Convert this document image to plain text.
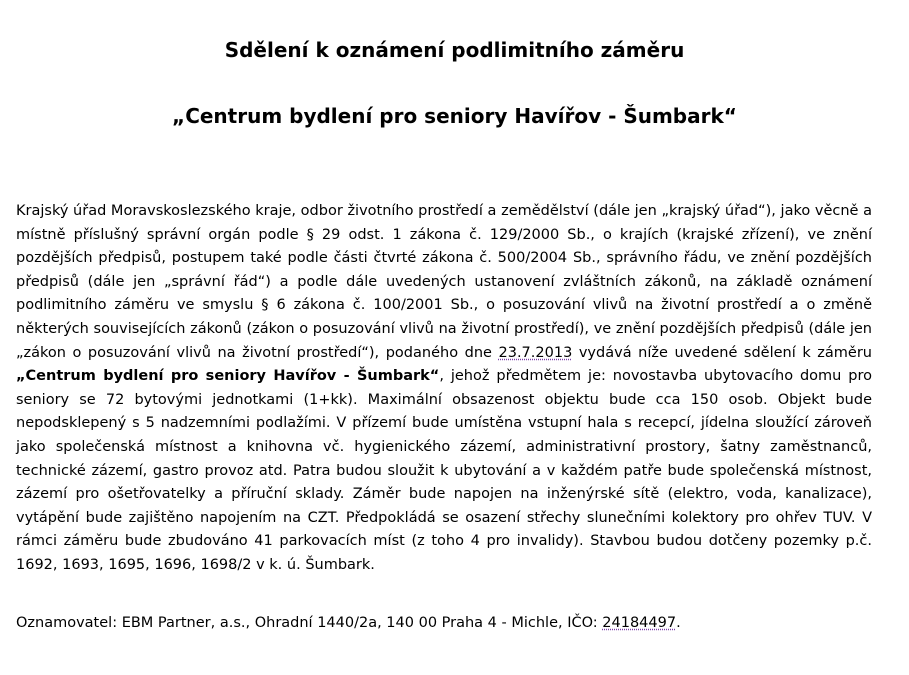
Sdělení k oznámení podlimitního záměru
„Centrum bydlení pro seniory Havířov - Šumbark“

Krajský úřad Moravskoslezského kraje, odbor životního prostředí a zemědělství (dále jen „krajský úřad“), jako věcně a místně příslušný správní orgán podle § 29 odst. 1 zákona č. 129/2000 Sb., o krajích (krajské zřízení), ve znění pozdějších předpisů, postupem také podle části čtvrté zákona č. 500/2004 Sb., správního řádu, ve znění pozdějších předpisů (dále jen „správní řád“) a podle dále uvedených ustanovení zvláštních zákonů, na základě oznámení podlimitního záměru ve smyslu § 6 zákona č. 100/2001 Sb., o posuzování vlivů na životní prostředí a o změně některých souvisejících zákonů (zákon o posuzování vlivů na životní prostředí), ve znění pozdějších předpisů (dále jen „zákon o posuzování vlivů na životní prostředí“), podaného dne 23.7.2013 vydává níže uvedené sdělení k záměru „Centrum bydlení pro seniory Havířov - Šumbark“, jehož předmětem je: novostavba ubytovacího domu pro seniory se 72 bytovými jednotkami (1+kk). Maximální obsazenost objektu bude cca 150 osob. Objekt bude nepodsklepený s 5 nadzemními podlažími. V přízemí bude umístěna vstupní hala s recepcí, jídelna sloužící zároveň jako společenská místnost a knihovna vč. hygienického zázemí, administrativní prostory, šatny zaměstnanců, technické zázemí, gastro provoz atd. Patra budou sloužit k ubytování a v každém patře bude společenská místnost, zázemí pro ošetřovatelky a příruční sklady. Záměr bude napojen na inženýrské sítě (elektro, voda, kanalizace), vytápění bude zajištěno napojením na CZT. Předpokládá se osazení střechy slunečními kolektory pro ohřev TUV. V rámci záměru bude zbudováno 41 parkovacích míst (z toho 4 pro invalidy). Stavbou budou dotčeny pozemky p.č. 1692, 1693, 1695, 1696, 1698/2 v k. ú. Šumbark.

Oznamovatel: EBM Partner, a.s., Ohradní 1440/2a, 140 00 Praha 4 - Michle, IČO: 24184497.
